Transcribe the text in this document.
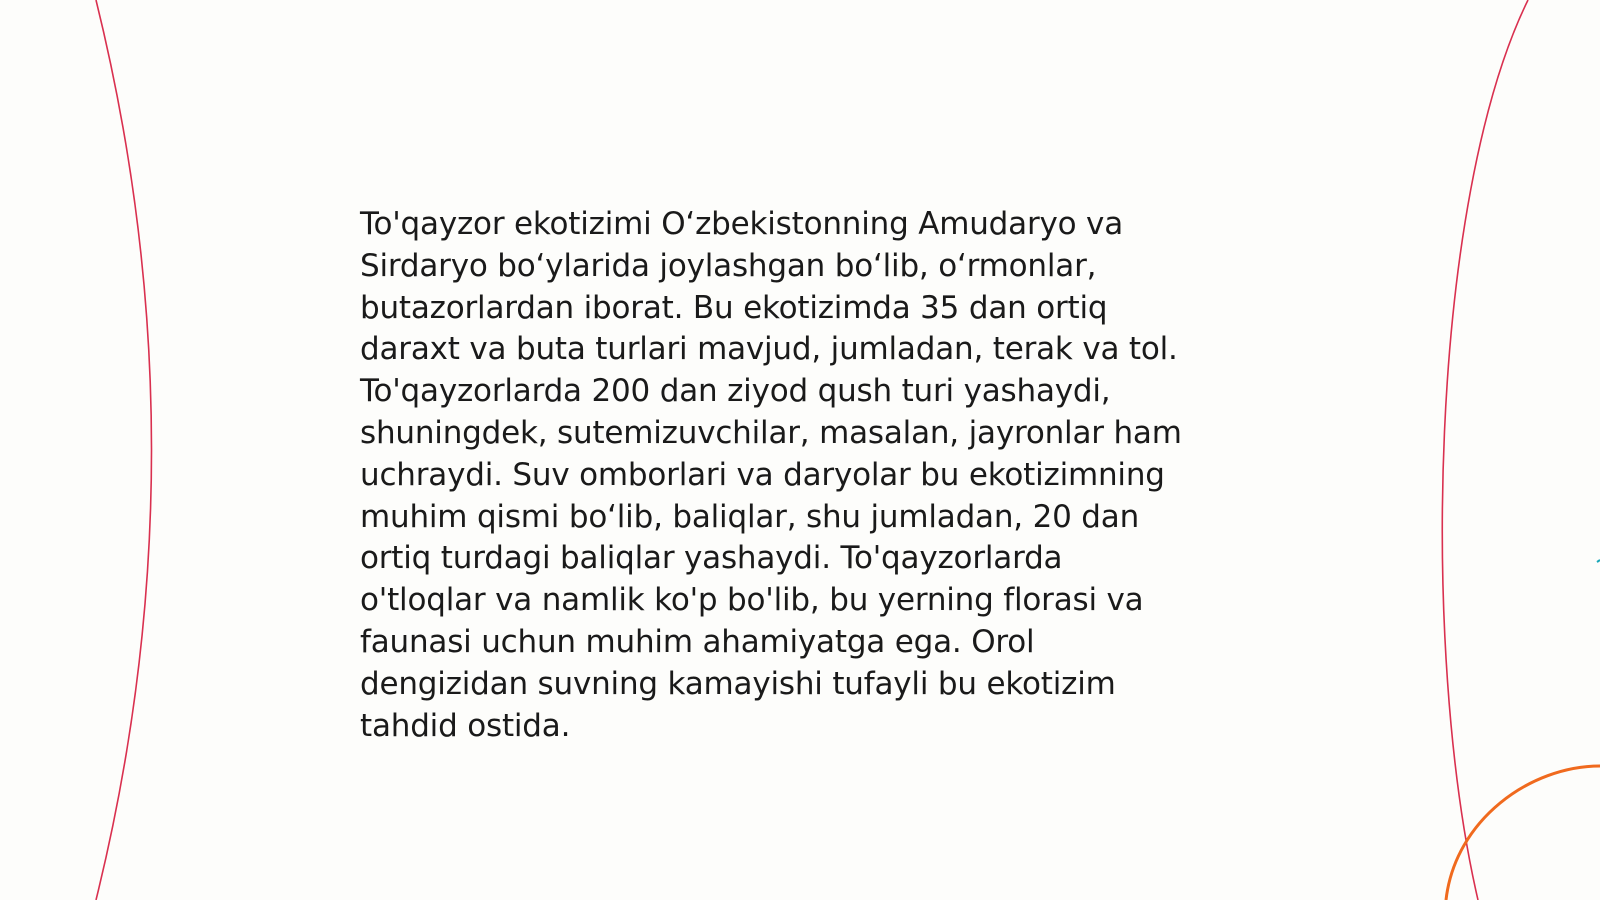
To'qayzor ekotizimi O‘zbekistonning Amudaryo va
Sirdaryo bo‘ylarida joylashgan bo‘lib, o‘rmonlar,
butazorlardan iborat. Bu ekotizimda 35 dan ortiq
daraxt va buta turlari mavjud, jumladan, terak va tol.
To'qayzorlarda 200 dan ziyod qush turi yashaydi,
shuningdek, sutemizuvchilar, masalan, jayronlar ham
uchraydi. Suv omborlari va daryolar bu ekotizimning
muhim qismi bo‘lib, baliqlar, shu jumladan, 20 dan
ortiq turdagi baliqlar yashaydi. To'qayzorlarda
o'tloqlar va namlik ko'p bo'lib, bu yerning florasi va
faunasi uchun muhim ahamiyatga ega. Orol
dengizidan suvning kamayishi tufayli bu ekotizim
tahdid ostida.
